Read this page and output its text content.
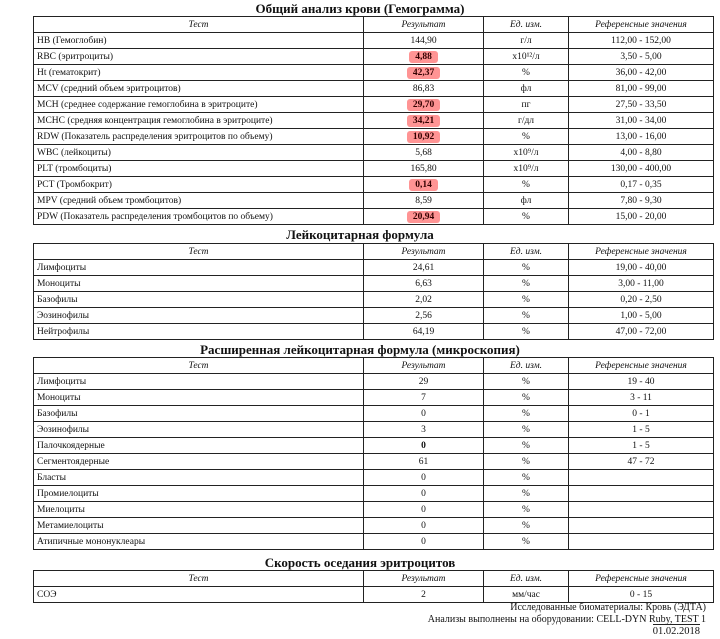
Общий анализ крови (Гемограмма)
Тест	Результат	Ед. изм.	Референсные значения
HB (Гемоглобин)	144,90	г/л	112,00 - 152,00
RBC (эритроциты)	4,88	х10¹²/л	3,50 - 5,00
Ht (гематокрит)	42,37	%	36,00 - 42,00
MCV (средний объем эритроцитов)	86,83	фл	81,00 - 99,00
MCH (среднее содержание гемоглобина в эритроците)	29,70	пг	27,50 - 33,50
MCHC (средняя концентрация гемоглобина в эритроците)	34,21	г/дл	31,00 - 34,00
RDW (Показатель распределения эритроцитов по объему)	10,92	%	13,00 - 16,00
WBC (лейкоциты)	5,68	х10⁹/л	4,00 - 8,80
PLT (тромбоциты)	165,80	х10⁹/л	130,00 - 400,00
PCT (Тромбокрит)	0,14	%	0,17 - 0,35
MPV (средний объем тромбоцитов)	8,59	фл	7,80 - 9,30
PDW (Показатель распределения тромбоцитов по объему)	20,94	%	15,00 - 20,00
Лейкоцитарная формула
Тест	Результат	Ед. изм.	Референсные значения
Лимфоциты	24,61	%	19,00 - 40,00
Моноциты	6,63	%	3,00 - 11,00
Базофилы	2,02	%	0,20 - 2,50
Эозинофилы	2,56	%	1,00 - 5,00
Нейтрофилы	64,19	%	47,00 - 72,00
Расширенная лейкоцитарная формула (микроскопия)
Тест	Результат	Ед. изм.	Референсные значения
Лимфоциты	29	%	19 - 40
Моноциты	7	%	3 - 11
Базофилы	0	%	0 - 1
Эозинофилы	3	%	1 - 5
Палочкоядерные	0	%	1 - 5
Сегментоядерные	61	%	47 - 72
Бласты	0	%	
Промиелоциты	0	%	
Миелоциты	0	%	
Метамиелоциты	0	%	
Атипичные мононуклеары	0	%	
Скорость оседания эритроцитов
Тест	Результат	Ед. изм.	Референсные значения
СОЭ	2	мм/час	0 - 15
Исследованные биоматериалы: Кровь (ЭДТА)
Анализы выполнены на оборудовании: CELL-DYN Ruby, TEST 1
01.02.2018
